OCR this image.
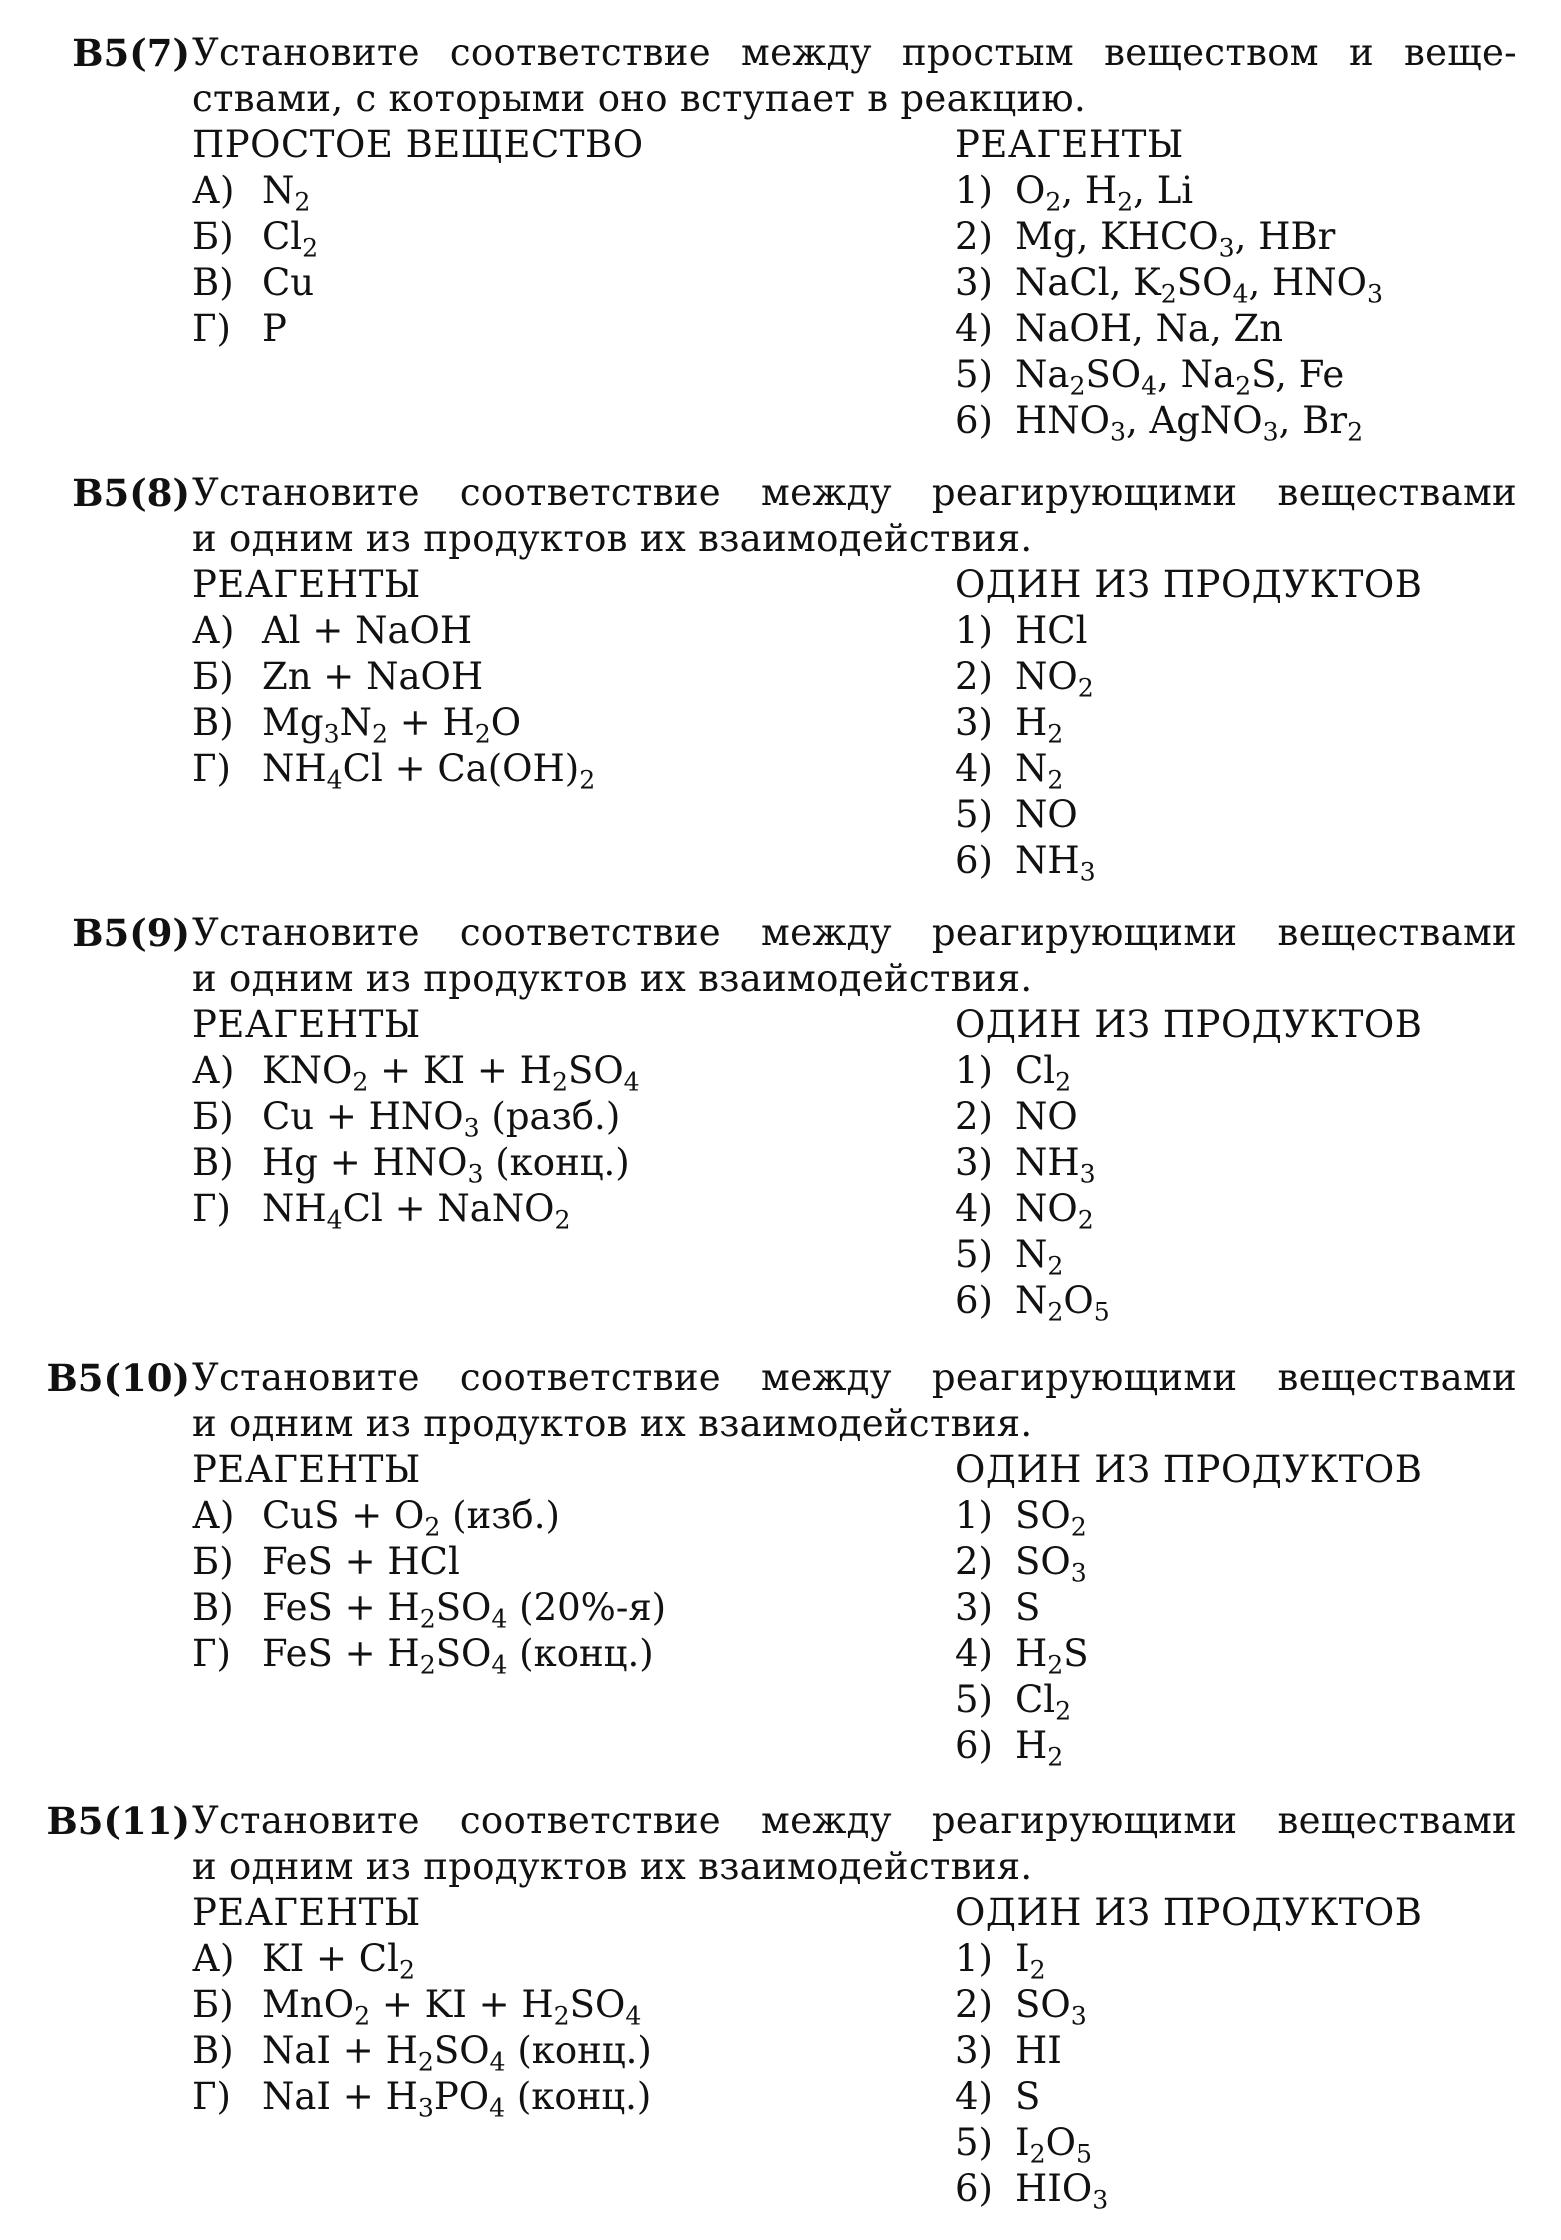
B5(7) Установите соответствие между простым веществом и веще-
ствами, с которыми оно вступает в реакцию.
ПРОСТОЕ ВЕЩЕСТВО
А) $N_2$
Б) $Cl_2$
В) Cu
Г) P
РЕАГЕНТЫ
1) $O_2$, $H_2$, Li
2) Mg, $KHCO_3$, HBr
3) NaCl, $K_2SO_4$, $HNO_3$
4) NaOH, Na, Zn
5) $Na_2SO_4$, $Na_2S$, Fe
6) $HNO_3$, AgNO$_3$, $Br_2$
B5(8) Установите соответствие между реагирующими веществами
и одним из продуктов их взаимодействия.
РЕАГЕНТЫ
А) Al + NaOH
Б) Zn + NaOH
В) $Mg_3N_2 + H_2O$
Г) $NH_4Cl + Ca(OH)_2$
ОДИН ИЗ ПРОДУКТОВ
1) HCl
2) $NO_2$
3) $H_2$
4) $N_2$
5) NO
6) $NH_3$
B5(9) Установите соответствие между реагирующими веществами
и одним из продуктов их взаимодействия.
РЕАГЕНТЫ
А) $KNO_2$ + KI + $H_2SO_4$
Б) $Cu + HNO_3$ (разб.)
В) $Hg + HNO_3$ (конц.)
Г) $NH_4Cl$ + NaNO$_2$
ОДИН ИЗ ПРОДУКТОВ
1) $Cl_2$
2) NO
3) $NH_3$
4) $NO_2$
5) $N_2$
6) $N_2O_5$
B5(10) Установите соответствие между реагирующими веществами
и одним из продуктов их взаимодействия.
РЕАГЕНТЫ
А) CuS + $O_2$ (изб.)
Б) FeS + HCl
В) FeS + $H_2SO_4$ (20%-я)
Г) FeS + $H_2SO_4$ (конц.)
ОДИН ИЗ ПРОДУКТОВ
1) $SO_2$
2) $SO_3$
3) S
4) $H_2S$
5) $Cl_2$
6) $H_2$
B5(11) Установите соответствие между реагирующими веществами
и одним из продуктов их взаимодействия.
РЕАГЕНТЫ
А) KI + $Cl_2$
Б) MnO$_2$ + KI + $H_2SO_4$
В) NaI + $H_2SO_4$ (конц.)
Г) NaI + $H_3PO_4$ (конц.)
ОДИН ИЗ ПРОДУКТОВ
1) $I_2$
2) $SO_3$
3) HI
4) S
5) $I_2O_5$
6) $HIO_3$
